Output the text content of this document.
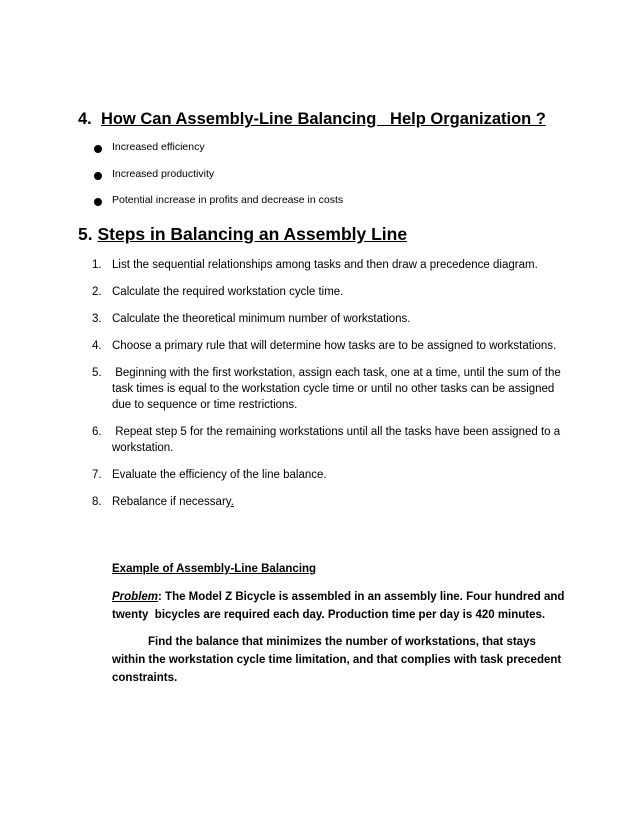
4. How Can Assembly-Line Balancing   Help Organization ?
Increased efficiency
Increased productivity
Potential increase in profits and decrease in costs
5. Steps in Balancing an Assembly Line
1. List the sequential relationships among tasks and then draw a precedence diagram.
2. Calculate the required workstation cycle time.
3. Calculate the theoretical minimum number of workstations.
4. Choose a primary rule that will determine how tasks are to be assigned to workstations.
5. Beginning with the first workstation, assign each task, one at a time, until the sum of the task times is equal to the workstation cycle time or until no other tasks can be assigned due to sequence or time restrictions.
6. Repeat step 5 for the remaining workstations until all the tasks have been assigned to a workstation.
7. Evaluate the efficiency of the line balance.
8. Rebalance if necessary.
Example of Assembly-Line Balancing
Problem: The Model Z Bicycle is assembled in an assembly line. Four hundred and twenty  bicycles are required each day. Production time per day is 420 minutes.
Find the balance that minimizes the number of workstations, that stays within the workstation cycle time limitation, and that complies with task precedent constraints.
